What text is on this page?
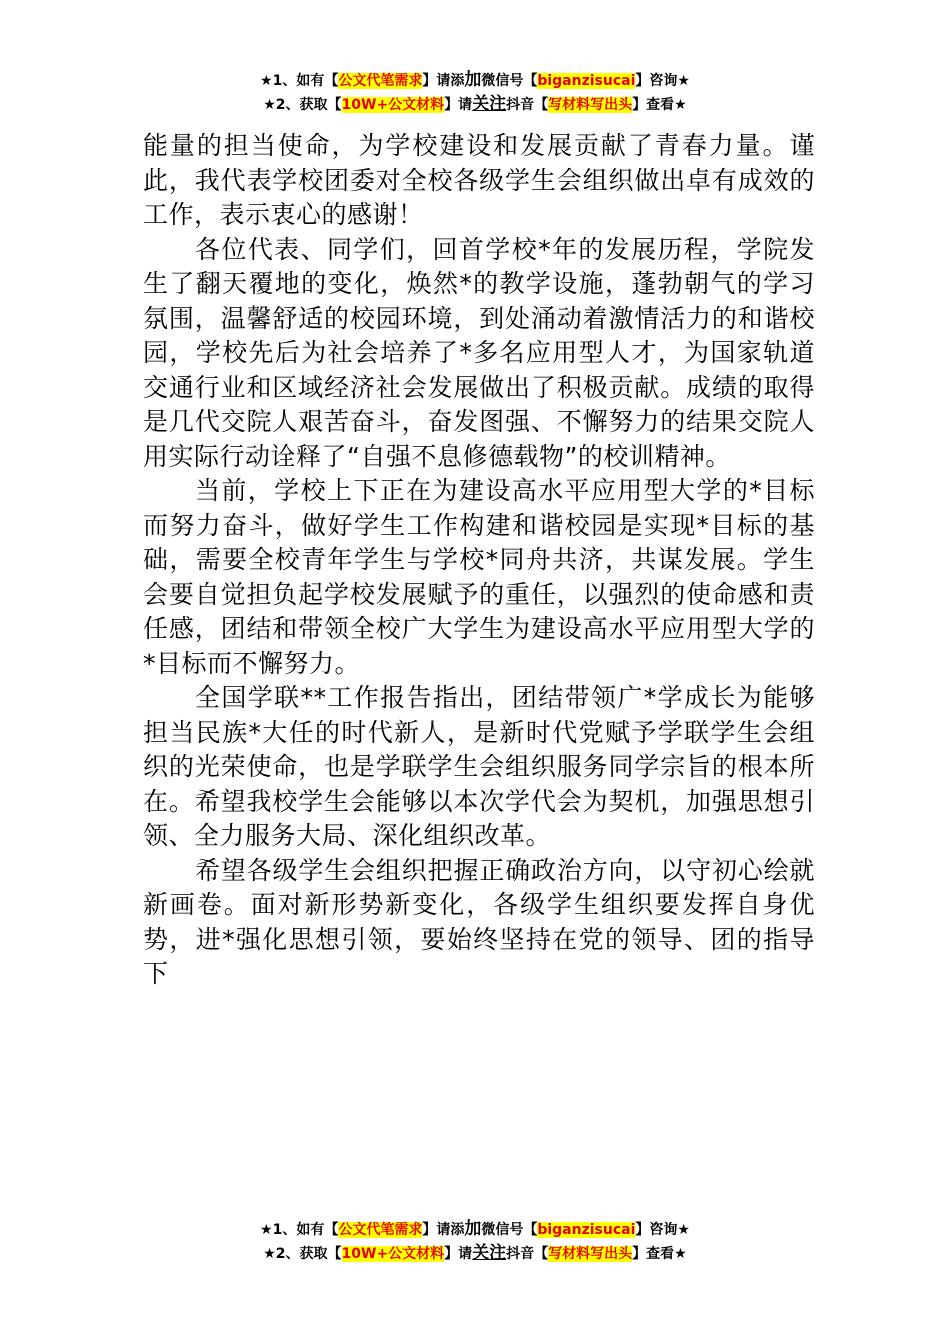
★1、如有【公文代笔需求】请添加微信号【biganzisucai】咨询★
★2、获取【10W+公文材料】请关注抖音【写材料写出头】查看★

能量的担当使命，为学校建设和发展贡献了青春力量。谨此，我代表学校团委对全校各级学生会组织做出卓有成效的工作，表示衷心的感谢！

各位代表、同学们，回首学校*年的发展历程，学院发生了翻天覆地的变化，焕然*的教学设施，蓬勃朝气的学习氛围，温馨舒适的校园环境，到处涌动着激情活力的和谐校园，学校先后为社会培养了*多名应用型人才，为国家轨道交通行业和区域经济社会发展做出了积极贡献。成绩的取得是几代交院人艰苦奋斗，奋发图强、不懈努力的结果交院人用实际行动诠释了“自强不息修德载物”的校训精神。

当前，学校上下正在为建设高水平应用型大学的*目标而努力奋斗，做好学生工作构建和谐校园是实现*目标的基础，需要全校青年学生与学校*同舟共济，共谋发展。学生会要自觉担负起学校发展赋予的重任，以强烈的使命感和责任感，团结和带领全校广大学生为建设高水平应用型大学的*目标而不懈努力。

全国学联**工作报告指出，团结带领广*学成长为能够担当民族*大任的时代新人，是新时代党赋予学联学生会组织的光荣使命，也是学联学生会组织服务同学宗旨的根本所在。希望我校学生会能够以本次学代会为契机，加强思想引领、全力服务大局、深化组织改革。

希望各级学生会组织把握正确政治方向，以守初心绘就新画卷。面对新形势新变化，各级学生组织要发挥自身优势，进*强化思想引领，要始终坚持在党的领导、团的指导下

★1、如有【公文代笔需求】请添加微信号【biganzisucai】咨询★
★2、获取【10W+公文材料】请关注抖音【写材料写出头】查看★
